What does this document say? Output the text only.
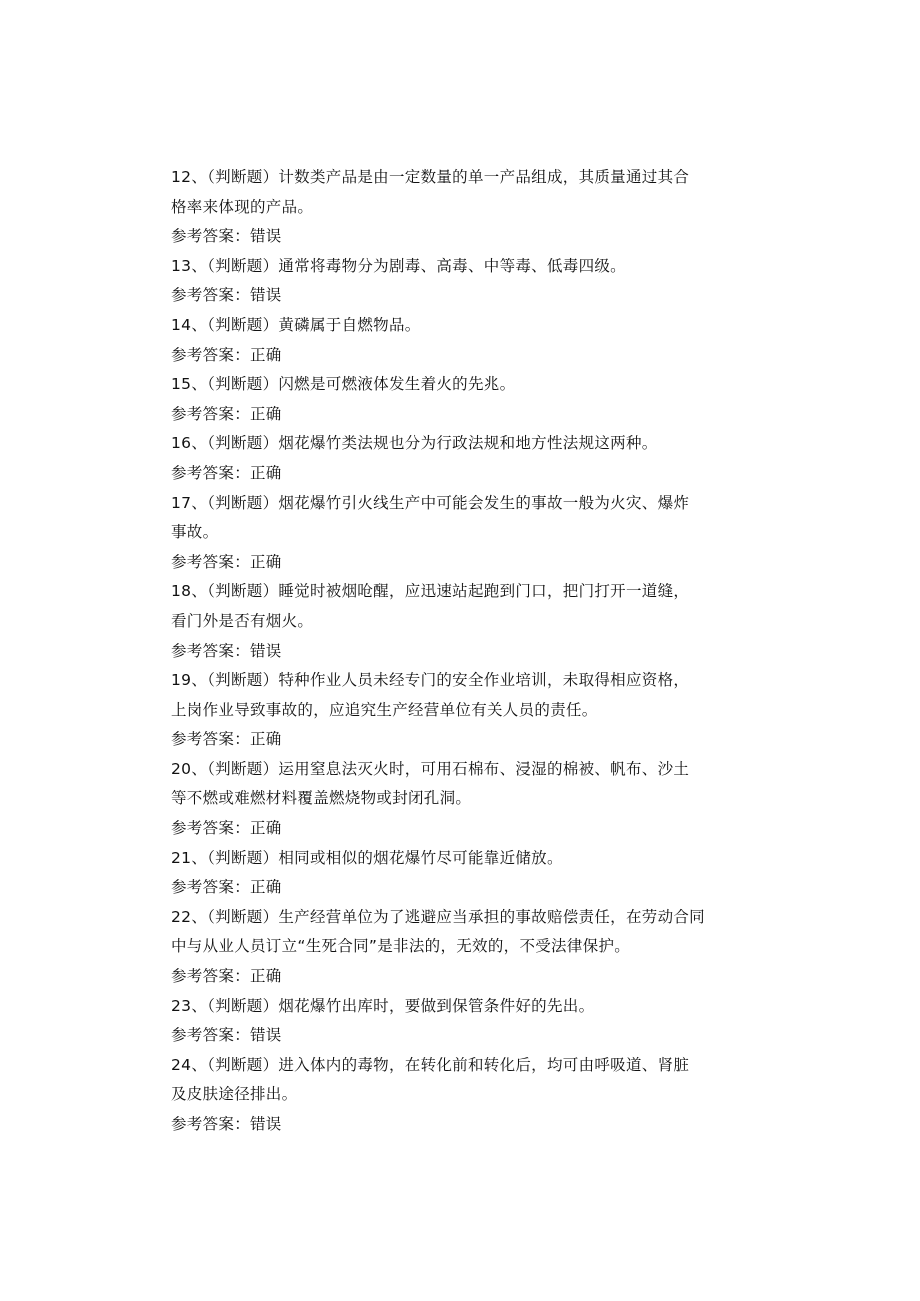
12、（判断题）计数类产品是由一定数量的单一产品组成，其质量通过其合
格率来体现的产品。
参考答案：错误
13、（判断题）通常将毒物分为剧毒、高毒、中等毒、低毒四级。
参考答案：错误
14、（判断题）黄磷属于自燃物品。
参考答案：正确
15、（判断题）闪燃是可燃液体发生着火的先兆。
参考答案：正确
16、（判断题）烟花爆竹类法规也分为行政法规和地方性法规这两种。
参考答案：正确
17、（判断题）烟花爆竹引火线生产中可能会发生的事故一般为火灾、爆炸
事故。
参考答案：正确
18、（判断题）睡觉时被烟呛醒，应迅速站起跑到门口，把门打开一道缝，
看门外是否有烟火。
参考答案：错误
19、（判断题）特种作业人员未经专门的安全作业培训，未取得相应资格，
上岗作业导致事故的，应追究生产经营单位有关人员的责任。
参考答案：正确
20、（判断题）运用窒息法灭火时，可用石棉布、浸湿的棉被、帆布、沙土
等不燃或难燃材料覆盖燃烧物或封闭孔洞。
参考答案：正确
21、（判断题）相同或相似的烟花爆竹尽可能靠近储放。
参考答案：正确
22、（判断题）生产经营单位为了逃避应当承担的事故赔偿责任，在劳动合同
中与从业人员订立“生死合同”是非法的，无效的，不受法律保护。
参考答案：正确
23、（判断题）烟花爆竹出库时，要做到保管条件好的先出。
参考答案：错误
24、（判断题）进入体内的毒物，在转化前和转化后，均可由呼吸道、肾脏
及皮肤途径排出。
参考答案：错误
